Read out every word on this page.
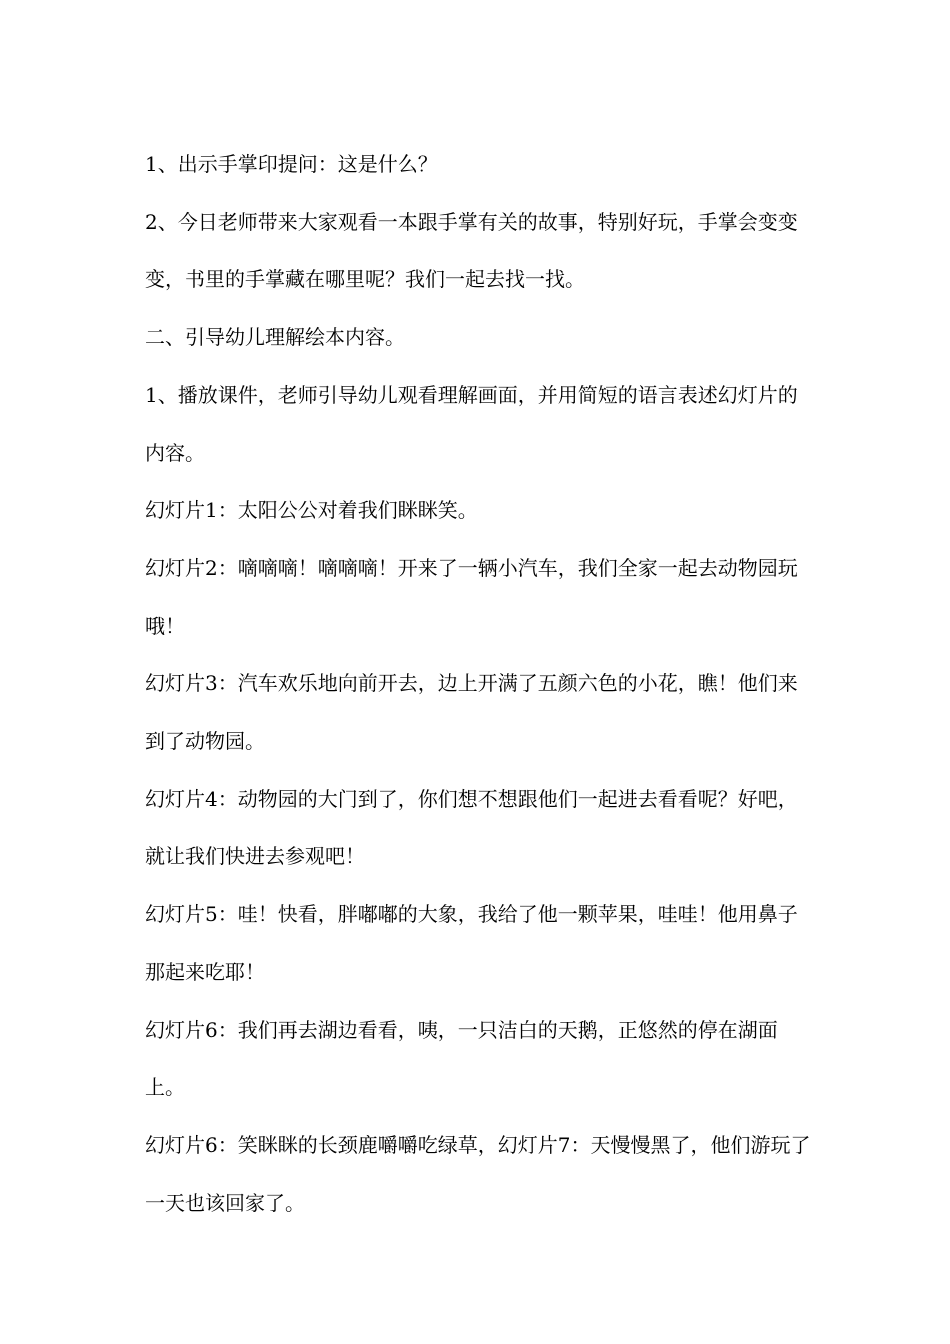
1、出示手掌印提问：这是什么？

2、今日老师带来大家观看一本跟手掌有关的故事，特别好玩，手掌会变变变，书里的手掌藏在哪里呢？我们一起去找一找。

二、引导幼儿理解绘本内容。

1、播放课件，老师引导幼儿观看理解画面，并用简短的语言表述幻灯片的内容。

幻灯片1：太阳公公对着我们眯眯笑。

幻灯片2：嘀嘀嘀！嘀嘀嘀！开来了一辆小汽车，我们全家一起去动物园玩哦！

幻灯片3：汽车欢乐地向前开去，边上开满了五颜六色的小花，瞧！他们来到了动物园。

幻灯片4：动物园的大门到了，你们想不想跟他们一起进去看看呢？好吧，就让我们快进去参观吧！

幻灯片5：哇！快看，胖嘟嘟的大象，我给了他一颗苹果，哇哇！他用鼻子那起来吃耶！

幻灯片6：我们再去湖边看看，咦，一只洁白的天鹅，正悠然的停在湖面上。

幻灯片6：笑眯眯的长颈鹿嚼嚼吃绿草，幻灯片7：天慢慢黑了，他们游玩了一天也该回家了。
